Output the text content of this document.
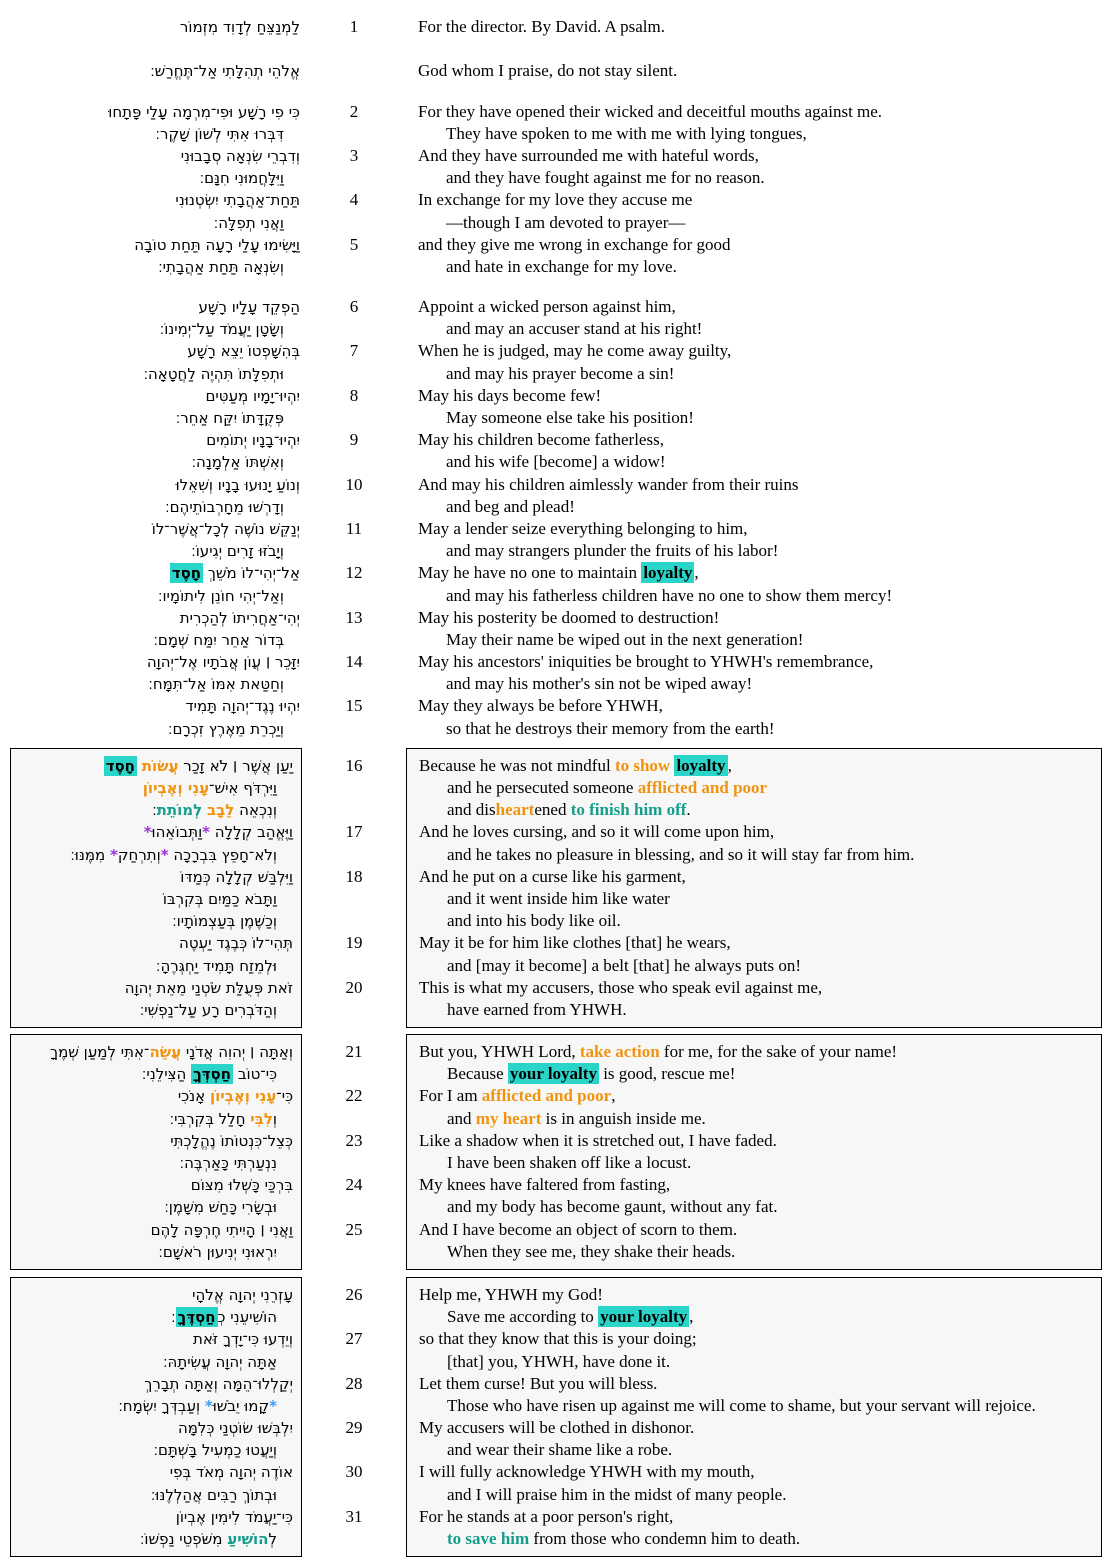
לַמְנַצֵּחַ לְדָוִד מִזְמוֹר

אֱלֹהֵי תְהִלָּתִי אַל־תֶּחֱרַשׁ׃
1

	For the director. By David. A psalm.

God whom I praise, do not stay silent.
כִּי פִי רָשָׁע וּפִי־מִרְמָה עָלַי פָּתָחוּ
דִּבְּרוּ אִתִּי לְשׁוֹן שָׁקֶר׃
וְדִבְרֵי שִׂנְאָה סְבָבוּנִי
וַיִּלָּחֲמוּנִי חִנָּם׃
תַּחַת־אַהֲבָתִי יִשְׂטְנוּנִי
וַאֲנִי תְפִלָּה׃
וַיָּשִׂימוּ עָלַי רָעָה תַּחַת טוֹבָה
וְשִׂנְאָה תַּחַת אַהֲבָתִי׃
2

3

4

5

For they have opened their wicked and deceitful mouths against me.
They have spoken to me with me with lying tongues,
And they have surrounded me with hateful words,
and they have fought against me for no reason.
In exchange for my love they accuse me
—though I am devoted to prayer—
and they give me wrong in exchange for good
and hate in exchange for my love.
הַפְקֵד עָלָיו רָשָׁע
וְשָׂטָן יַעֲמֹד עַל־יְמִינוֹ׃
בְּהִשָּׁפְטוֹ יֵצֵא רָשָׁע
וּתְפִלָּתוֹ תִּהְיֶה לַחֲטָאָה׃
יִהְיוּ־יָמָיו מְעַטִּים
פְּקֻדָּתוֹ יִקַּח אַחֵר׃
יִהְיוּ־בָנָיו יְתוֹמִים
וְאִשְׁתּוֹ אַלְמָנָה׃
וְנוֹעַ יָנוּעוּ בָנָיו וְשִׁאֵלוּ
וְדָרְשׁוּ מֵחָרְבוֹתֵיהֶם׃
יְנַקֵּשׁ נוֹשֶׁה לְכָל־אֲשֶׁר־לוֹ
וְיָבֹזּוּ זָרִים יְגִיעוֹ׃
אַל־יְהִי־לוֹ מֹשֵׁךְ חָסֶד
וְאַל־יְהִי חוֹנֵן לִיתוֹמָיו׃
יְהִי־אַחֲרִיתוֹ לְהַכְרִית
בְּדוֹר אַחֵר יִמַּח שְׁמָם׃
יִזָּכֵר ׀ עֲוֺן אֲבֹתָיו אֶל־יְהוָה
וְחַטַּאת אִמּוֹ אַל־תִּמָּח׃
יִהְיוּ נֶגֶד־יְהוָה תָּמִיד
וְיַכְרֵת מֵאֶרֶץ זִכְרָם׃
6

7

8

9

10

11

12

13

14

15

Appoint a wicked person against him,
and may an accuser stand at his right!
When he is judged, may he come away guilty,
and may his prayer become a sin!
May his days become few!
May someone else take his position!
May his children become fatherless,
and his wife [become] a widow!
And may his children aimlessly wander from their ruins
and beg and plead!
May a lender seize everything belonging to him,
and may strangers plunder the fruits of his labor!
May he have no one to maintain loyalty ,
and may his fatherless children have no one to show them mercy!
May his posterity be doomed to destruction!
May their name be wiped out in the next generation!
May his ancestors' iniquities be brought to YHWH's remembrance,
and may his mother's sin not be wiped away!
May they always be before YHWH,
so that he destroys their memory from the earth!
יַעַן אֲשֶׁר ׀ לֹא זָכַר עֲשׂוֹת חָסֶד
וַיִּרְדֹּף אִישׁ־עָנִי וְאֶבְיוֹן
וְנִכְאֵה לֵבָב לְמוֹתֵת׃
וַיֶּאֱהַב קְלָלָה *וַתְּבוֹאֵהוּ*
וְלֹא־חָפֵץ בִּבְרָכָה *וְתִרְחַק* מִמֶּנּוּ׃
וַיִּלְבַּשׁ קְלָלָה כְּמַדּוֹ
וַתָּבֹא כַמַּיִם בְּקִרְבּוֹ
וְכַשֶּׁמֶן בְּעַצְמוֹתָיו׃
תְּהִי־לוֹ כְּבֶגֶד יַעְטֶה
וּלְמֵזַח תָּמִיד יַחְגְּרֶהָ׃
זֹאת פְּעֻלַּת שֹׂטְנַי מֵאֵת יְהוָה
וְהַדֹּבְרִים רָע עַל־נַפְשִׁי׃
16

17

18

19

20

Because he was not mindful to show loyalty ,
and he persecuted someone afflicted and poor
and disheartened to finish him off.
And he loves cursing, and so it will come upon him,
and he takes no pleasure in blessing, and so it will stay far from him.
And he put on a curse like his garment,
and it went inside him like water
and into his body like oil.
May it be for him like clothes [that] he wears,
and [may it become] a belt [that] he always puts on!
This is what my accusers, those who speak evil against me,
have earned from YHWH.
וְאַתָּה ׀ יְהוִה אֲדֹנָי עֲשֵׂה־אִתִּי לְמַעַן שְׁמֶךָ
כִּי־טוֹב חַסְדְּךָ הַצִּילֵנִי׃
כִּי־עָנִי וְאֶבְיוֹן אָנֹכִי
וְלִבִּי חָלַל בְּקִרְבִּי׃
כְּצֵל־כִּנְטוֹתוֹ נֶהֱלָכְתִּי
נִנְעַרְתִּי כָּאַרְבֶּה׃
בִּרְכַּי כָּשְׁלוּ מִצּוֹם
וּבְשָׂרִי כָּחַשׁ מִשָּׁמֶן׃
וַאֲנִי ׀ הָיִיתִי חֶרְפָּה לָהֶם
יִרְאוּנִי יְנִיעוּן רֹאשָׁם׃
21

22

23

24

25

But you, YHWH Lord, take action for me, for the sake of your name!
Because your loyalty is good, rescue me!
For I am afflicted and poor,
and my heart is in anguish inside me.
Like a shadow when it is stretched out, I have faded.
I have been shaken off like a locust.
My knees have faltered from fasting,
and my body has become gaunt, without any fat.
And I have become an object of scorn to them.
When they see me, they shake their heads.
עָזְרֵנִי יְהוָה אֱלֹהָי
הוֹשִׁיעֵנִי כְחַסְדֶּךָ׃
וְיֵדְעוּ כִּי־יָדְךָ זֹּאת
אַתָּה יְהוָה עֲשִׂיתָהּ׃
יְקַלְלוּ־הֵמָּה וְאַתָּה תְבָרֵךְ
*קָמוּ יֵבֹשׁוּ* וְעַבְדְּךָ יִשְׂמָח׃
יִלְבְּשׁוּ שׂוֹטְנַי כְּלִמָּה
וְיַעֲטוּ כַמְעִיל בָּשְׁתָּם׃
אוֹדֶה יְהוָה מְאֹד בְּפִי
וּבְתוֹךְ רַבִּים אֲהַלְלֶנּוּ׃
כִּי־יַעֲמֹד לִימִין אֶבְיוֹן
לְהוֹשִׁיעַ מִשֹּׁפְטֵי נַפְשׁוֹ׃
26

27

28

29

30

31

Help me, YHWH my God!
Save me according to your loyalty ,
so that they know that this is your doing;
[that] you, YHWH, have done it.
Let them curse! But you will bless.
Those who have risen up against me will come to shame, but your servant will rejoice.
My accusers will be clothed in dishonor.
and wear their shame like a robe.
I will fully acknowledge YHWH with my mouth,
and I will praise him in the midst of many people.
For he stands at a poor person's right,
to save him from those who condemn him to death.
